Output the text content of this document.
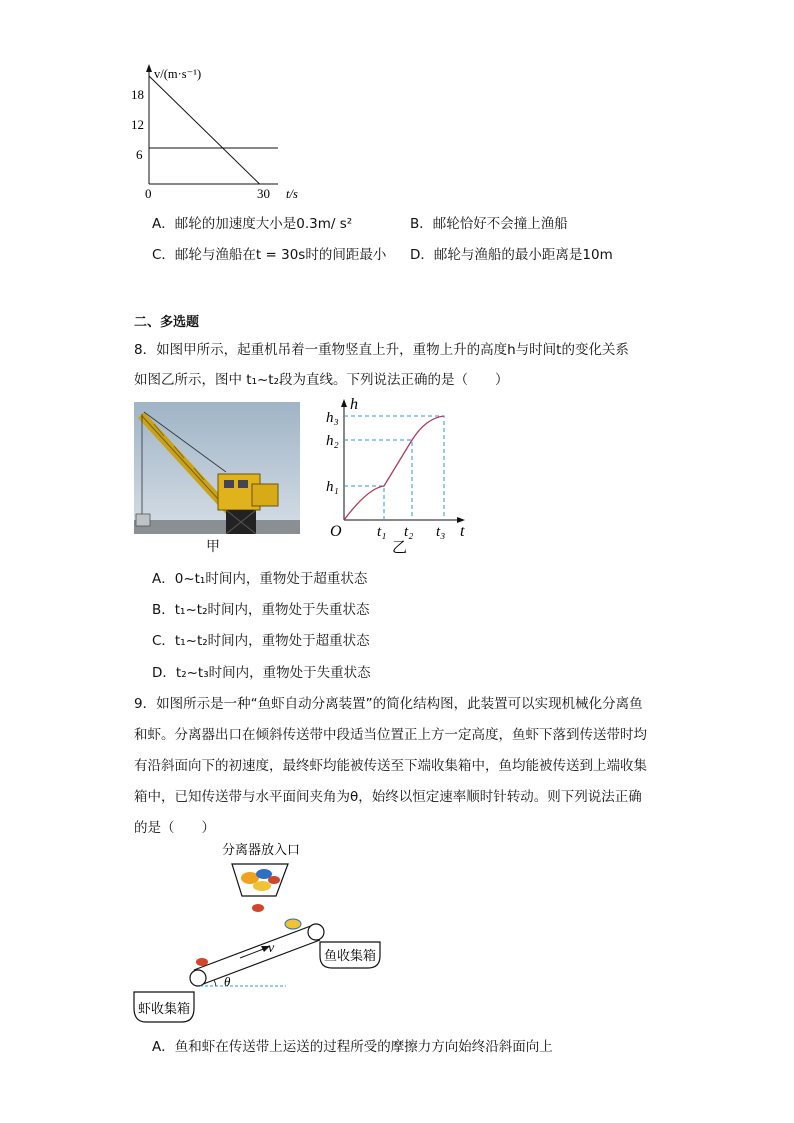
v/(m·s⁻¹)
18
12
6
0	30 t/s
A．邮轮的加速度大小是0.3m/ s²	B．邮轮恰好不会撞上渔船
C．邮轮与渔船在t = 30s时的间距最小 D．邮轮与渔船的最小距离是10m
二、多选题
8．如图甲所示，起重机吊着一重物竖直上升，重物上升的高度h与时间t的变化关系
如图乙所示，图中 t₁~t₂段为直线。下列说法正确的是（　　）
甲
h
t
O
h₁
h₂
h₃
t₁ t₂ t₃
乙
A．0~t₁时间内，重物处于超重状态
B．t₁~t₂时间内，重物处于失重状态
C．t₁~t₂时间内，重物处于超重状态
D．t₂~t₃时间内，重物处于失重状态
9．如图所示是一种“鱼虾自动分离装置”的简化结构图，此装置可以实现机械化分离鱼
和虾。分离器出口在倾斜传送带中段适当位置正上方一定高度，鱼虾下落到传送带时均
有沿斜面向下的初速度，最终虾均能被传送至下端收集箱中，鱼均能被传送到上端收集
箱中，已知传送带与水平面间夹角为θ，始终以恒定速率顺时针转动。则下列说法正确
的是（　　）
分离器放入口
v
θ
鱼收集箱
虾收集箱
A．鱼和虾在传送带上运送的过程所受的摩擦力方向始终沿斜面向上
